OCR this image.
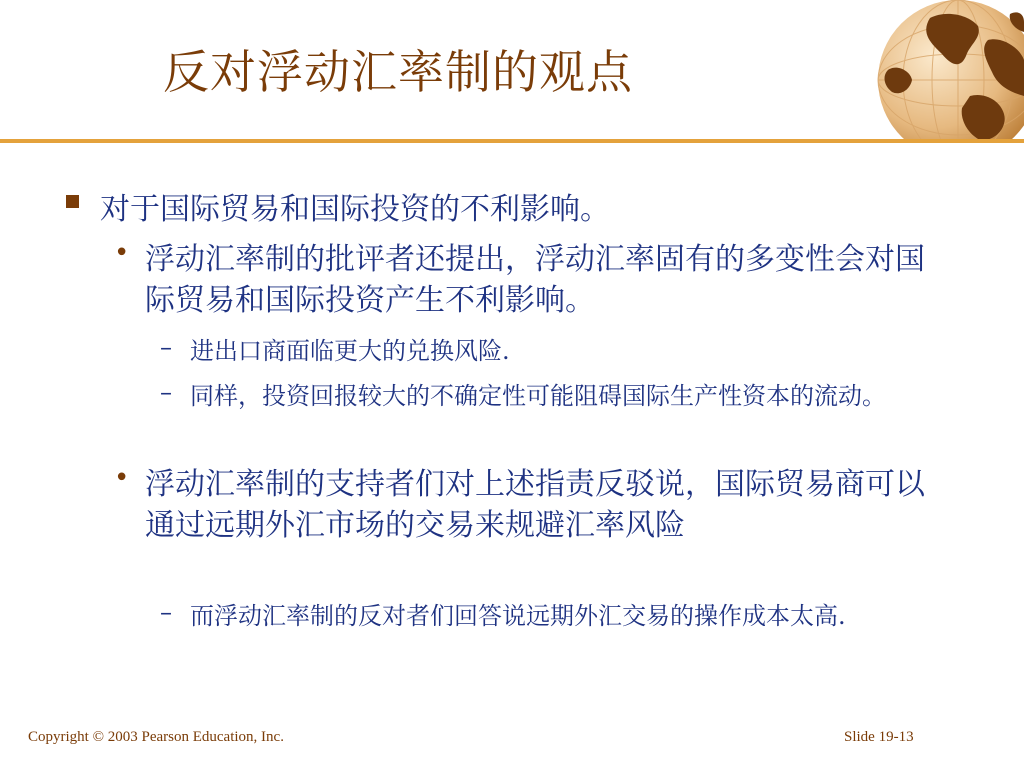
反对浮动汇率制的观点
对于国际贸易和国际投资的不利影响。
• 浮动汇率制的批评者还提出，浮动汇率固有的多变性会对国际贸易和国际投资产生不利影响。
– 进出口商面临更大的兑换风险.
– 同样，投资回报较大的不确定性可能阻碍国际生产性资本的流动。
• 浮动汇率制的支持者们对上述指责反驳说，国际贸易商可以通过远期外汇市场的交易来规避汇率风险
– 而浮动汇率制的反对者们回答说远期外汇交易的操作成本太高.
Copyright © 2003 Pearson Education, Inc.	Slide 19-13
